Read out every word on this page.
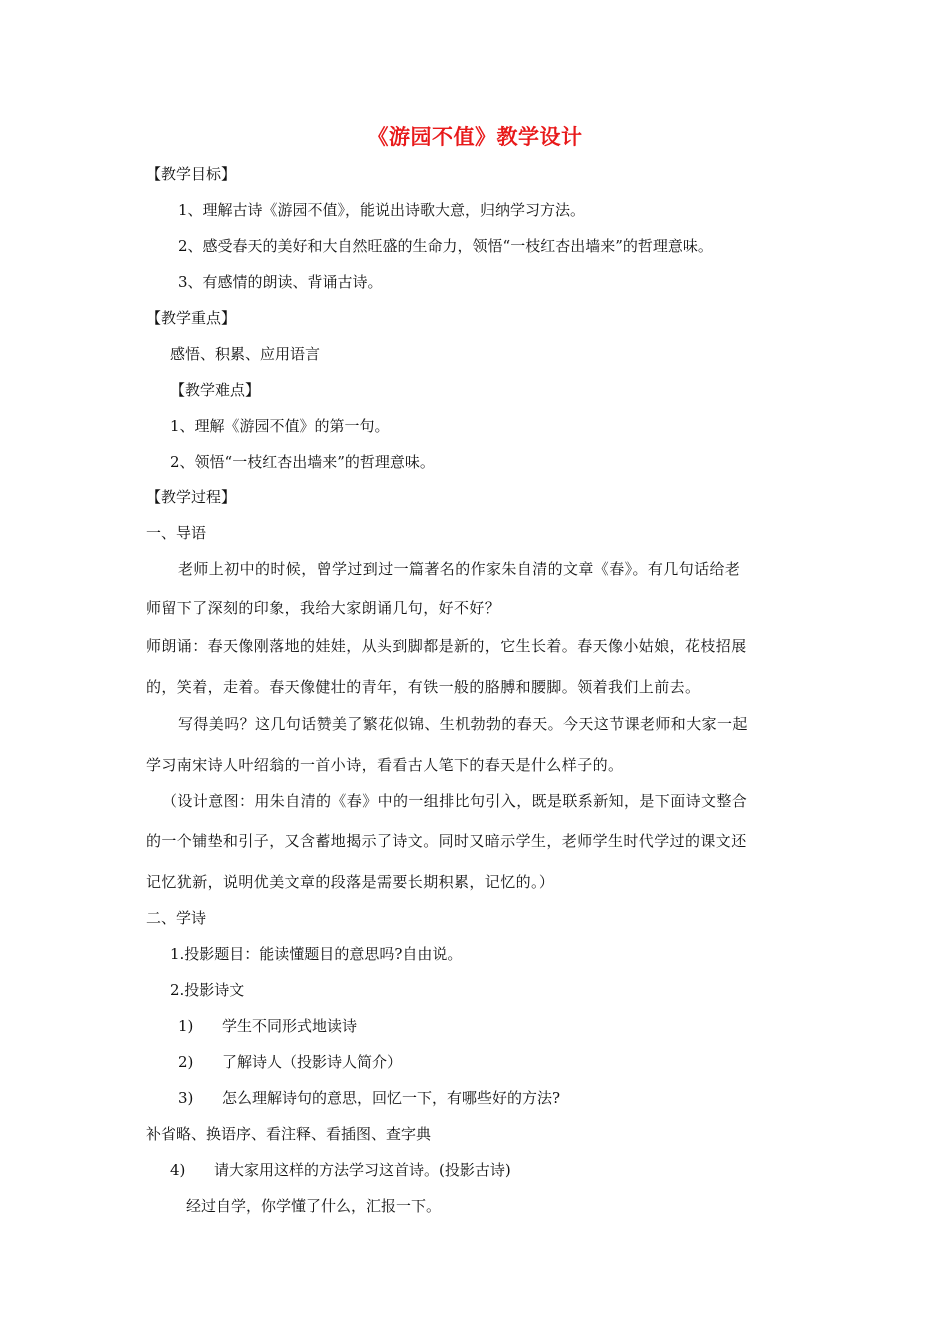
《游园不值》教学设计
【教学目标】
1、理解古诗《游园不值》，能说出诗歌大意，归纳学习方法。
2、感受春天的美好和大自然旺盛的生命力，领悟“一枝红杏出墙来”的哲理意味。
3、有感情的朗读、背诵古诗。
【教学重点】
感悟、积累、应用语言
【教学难点】
1、理解《游园不值》的第一句。
2、领悟“一枝红杏出墙来”的哲理意味。
【教学过程】
一、导语
老师上初中的时候，曾学过到过一篇著名的作家朱自清的文章《春》。有几句话给老
师留下了深刻的印象，我给大家朗诵几句，好不好？
师朗诵：春天像刚落地的娃娃，从头到脚都是新的，它生长着。春天像小姑娘，花枝招展
的，笑着，走着。春天像健壮的青年，有铁一般的胳膊和腰脚。领着我们上前去。
写得美吗？这几句话赞美了繁花似锦、生机勃勃的春天。今天这节课老师和大家一起
学习南宋诗人叶绍翁的一首小诗，看看古人笔下的春天是什么样子的。
（设计意图：用朱自清的《春》中的一组排比句引入，既是联系新知，是下面诗文整合
的一个铺垫和引子，又含蓄地揭示了诗文。同时又暗示学生，老师学生时代学过的课文还
记忆犹新，说明优美文章的段落是需要长期积累，记忆的。）
二、学诗
1.投影题目：能读懂题目的意思吗?自由说。
2.投影诗文
1) 学生不同形式地读诗
2) 了解诗人（投影诗人简介）
3) 怎么理解诗句的意思，回忆一下，有哪些好的方法?
补省略、换语序、看注释、看插图、查字典
4) 请大家用这样的方法学习这首诗。(投影古诗)
经过自学，你学懂了什么，汇报一下。
